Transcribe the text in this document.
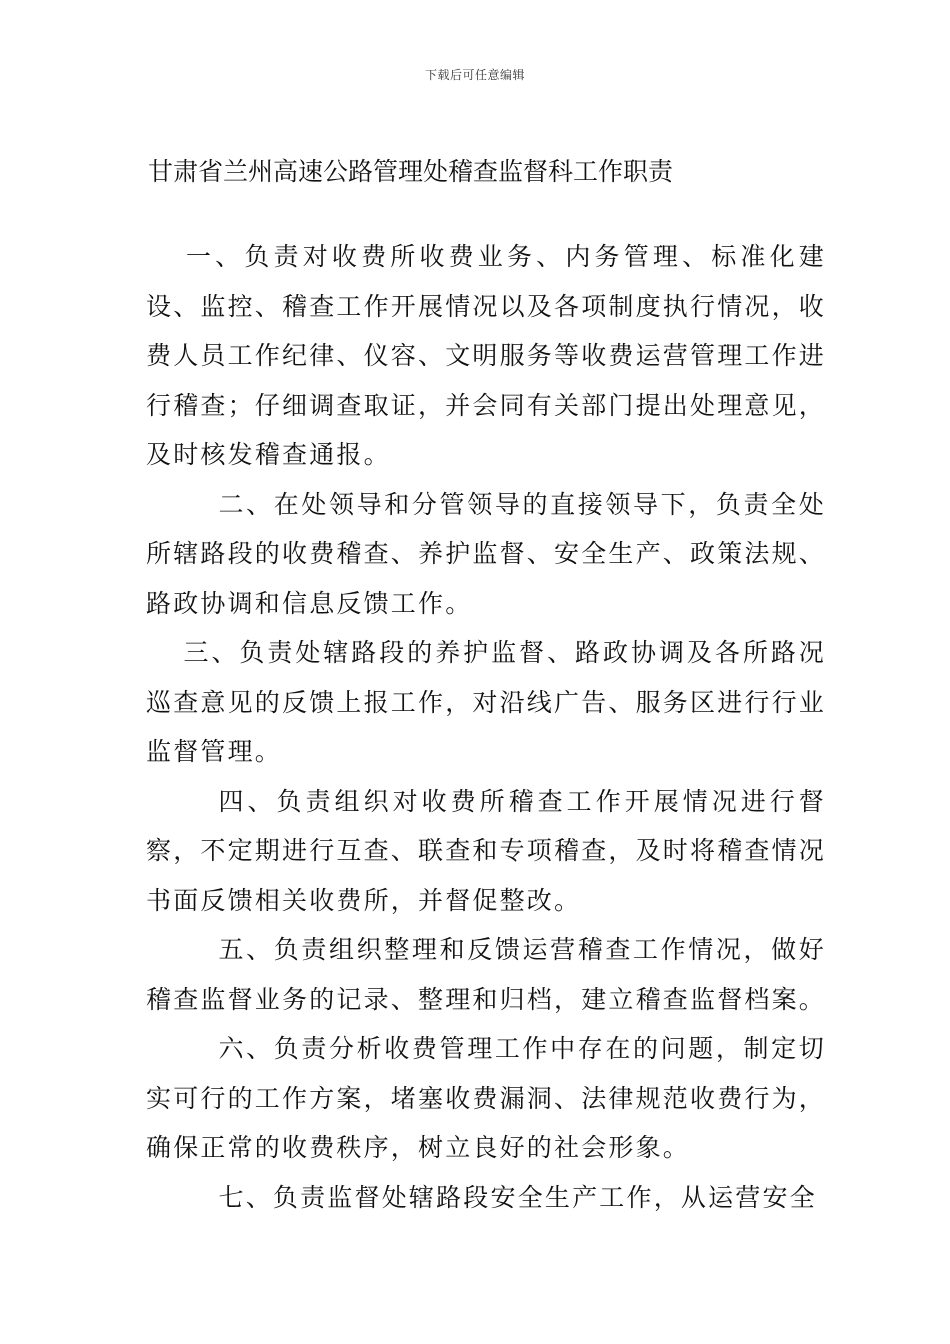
下载后可任意编辑
甘肃省兰州高速公路管理处稽查监督科工作职责

一、负责对收费所收费业务、内务管理、标准化建设、监控、稽查工作开展情况以及各项制度执行情况，收费人员工作纪律、仪容、文明服务等收费运营管理工作进行稽查；仔细调查取证，并会同有关部门提出处理意见，及时核发稽查通报。

二、在处领导和分管领导的直接领导下，负责全处所辖路段的收费稽查、养护监督、安全生产、政策法规、路政协调和信息反馈工作。

三、负责处辖路段的养护监督、路政协调及各所路况巡查意见的反馈上报工作，对沿线广告、服务区进行行业监督管理。

四、负责组织对收费所稽查工作开展情况进行督察，不定期进行互查、联查和专项稽查，及时将稽查情况书面反馈相关收费所，并督促整改。

五、负责组织整理和反馈运营稽查工作情况，做好稽查监督业务的记录、整理和归档，建立稽查监督档案。

六、负责分析收费管理工作中存在的问题，制定切实可行的工作方案，堵塞收费漏洞、法律规范收费行为，确保正常的收费秩序，树立良好的社会形象。

七、负责监督处辖路段安全生产工作，从运营安全
